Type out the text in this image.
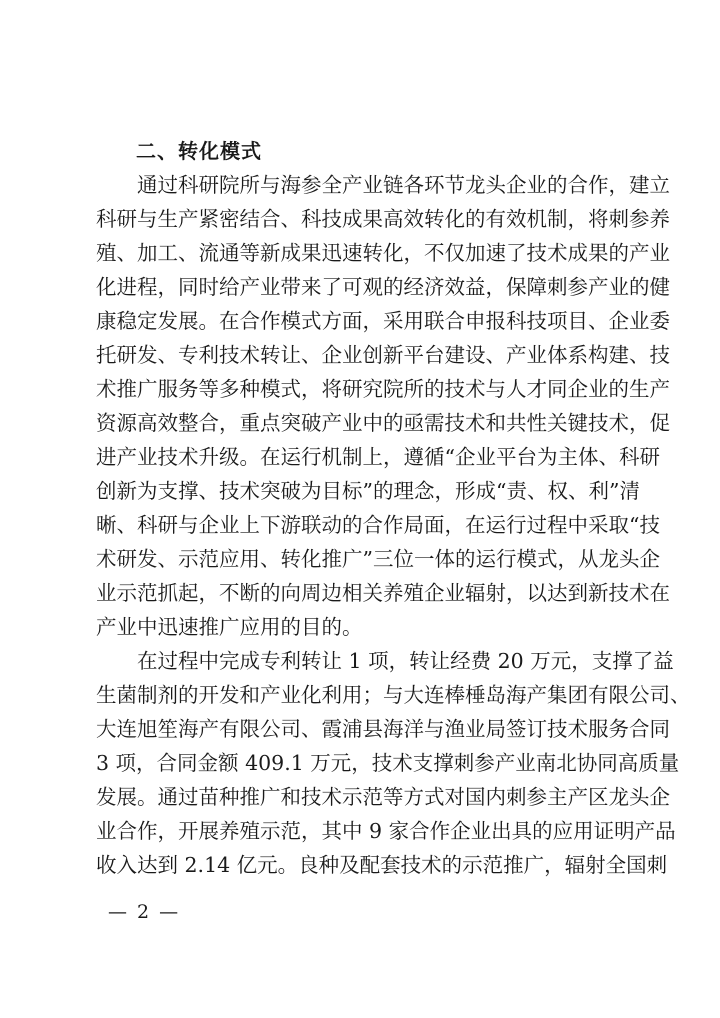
二、转化模式

通过科研院所与海参全产业链各环节龙头企业的合作，建立

科研与生产紧密结合、科技成果高效转化的有效机制，将刺参养

殖、加工、流通等新成果迅速转化，不仅加速了技术成果的产业

化进程，同时给产业带来了可观的经济效益，保障刺参产业的健

康稳定发展。在合作模式方面，采用联合申报科技项目、企业委

托研发、专利技术转让、企业创新平台建设、产业体系构建、技

术推广服务等多种模式，将研究院所的技术与人才同企业的生产

资源高效整合，重点突破产业中的亟需技术和共性关键技术，促

进产业技术升级。在运行机制上，遵循“企业平台为主体、科研

创新为支撑、技术突破为目标”的理念，形成“责、权、利”清

晰、科研与企业上下游联动的合作局面，在运行过程中采取“技

术研发、示范应用、转化推广”三位一体的运行模式，从龙头企

业示范抓起，不断的向周边相关养殖企业辐射，以达到新技术在

产业中迅速推广应用的目的。

在过程中完成专利转让 1 项，转让经费 20 万元，支撑了益

生菌制剂的开发和产业化利用；与大连棒棰岛海产集团有限公司、

大连旭笙海产有限公司、霞浦县海洋与渔业局签订技术服务合同

3 项，合同金额 409.1 万元，技术支撑刺参产业南北协同高质量

发展。通过苗种推广和技术示范等方式对国内刺参主产区龙头企

业合作，开展养殖示范，其中 9 家合作企业出具的应用证明产品

收入达到 2.14 亿元。良种及配套技术的示范推广，辐射全国刺

— 2 —
